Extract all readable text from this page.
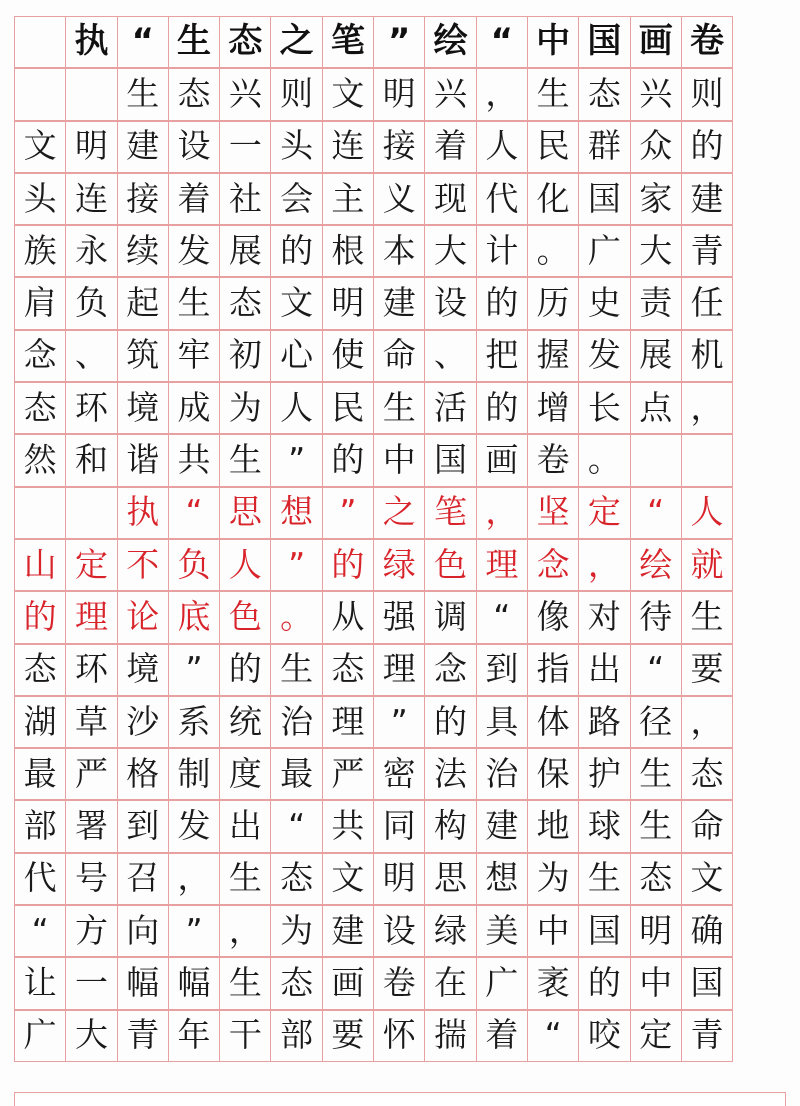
执 “ 生 态 之 笔 ” 绘 “ 中 国 画 卷
生 态 兴 则 文 明 兴 ， 生 态 兴 则
文 明 建 设 一 头 连 接 着 人 民 群 众 的
头 连 接 着 社 会 主 义 现 代 化 国 家 建
族 永 续 发 展 的 根 本 大 计 。 广 大 青
肩 负 起 生 态 文 明 建 设 的 历 史 责 任
念 、 筑 牢 初 心 使 命 、 把 握 发 展 机
态 环 境 成 为 人 民 生 活 的 增 长 点 ，
然 和 谐 共 生 ” 的 中 国 画 卷 。
执 “ 思 想 ” 之 笔 ， 坚 定 “ 人
山 定 不 负 人 ” 的 绿 色 理 念 ， 绘 就
的 理 论 底 色 。 从 强 调 “ 像 对 待 生
态 环 境 ” 的 生 态 理 念 到 指 出 “ 要
湖 草 沙 系 统 治 理 ” 的 具 体 路 径 ，
最 严 格 制 度 最 严 密 法 治 保 护 生 态
部 署 到 发 出 “ 共 同 构 建 地 球 生 命
代 号 召 ， 生 态 文 明 思 想 为 生 态 文
“ 方 向 ” ， 为 建 设 绿 美 中 国 明 确
让 一 幅 幅 生 态 画 卷 在 广 袤 的 中 国
广 大 青 年 干 部 要 怀 揣 着 “ 咬 定 青
